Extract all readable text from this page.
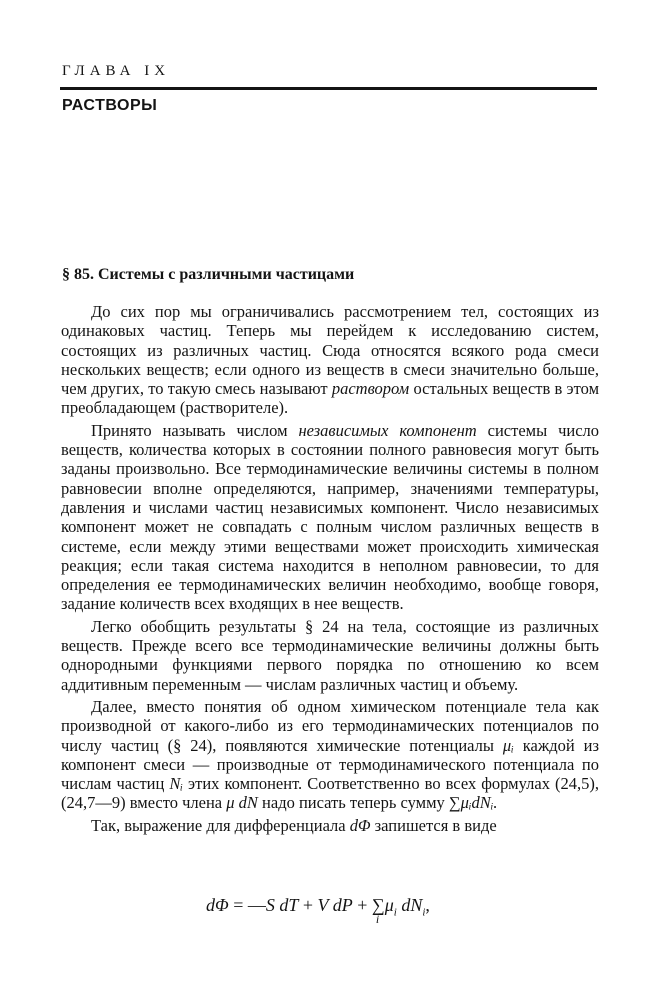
ГЛАВА IX
РАСТВОРЫ
§ 85. Системы с различными частицами

До сих пор мы ограничивались рассмотрением тел, состоящих из одинаковых частиц. Теперь мы перейдем к исследованию систем, состоящих из различных частиц. Сюда относятся всякого рода смеси нескольких веществ; если одного из веществ в смеси значительно больше, чем других, то такую смесь называют раствором остальных веществ в этом преобладающем (растворителе).

Принято называть числом независимых компонент системы число веществ, количества которых в состоянии полного равновесия могут быть заданы произвольно. Все термодинамические величины системы в полном равновесии вполне определяются, например, значениями температуры, давления и числами частиц независимых компонент. Число независимых компонент может не совпадать с полным числом различных веществ в системе, если между этими веществами может происходить химическая реакция; если такая система находится в неполном равновесии, то для определения ее термодинамических величин необходимо, вообще говоря, задание количеств всех входящих в нее веществ.

Легко обобщить результаты § 24 на тела, состоящие из различных веществ. Прежде всего все термодинамические величины должны быть однородными функциями первого порядка по отношению ко всем аддитивным переменным — числам различных частиц и объему.

Далее, вместо понятия об одном химическом потенциале тела как производной от какого-либо из его термодинамических потенциалов по числу частиц (§ 24), появляются химические потенциалы μᵢ каждой из компонент смеси — производные от термодинамического потенциала по числам частиц Nᵢ этих компонент. Соответственно во всех формулах (24,5), (24,7—9) вместо члена μ dN надо писать теперь сумму ∑μᵢdNᵢ.

Так, выражение для дифференциала dΦ запишется в виде

dΦ = —S dT + V dP + ∑
i
$\mu_i$ $dN_i$,
